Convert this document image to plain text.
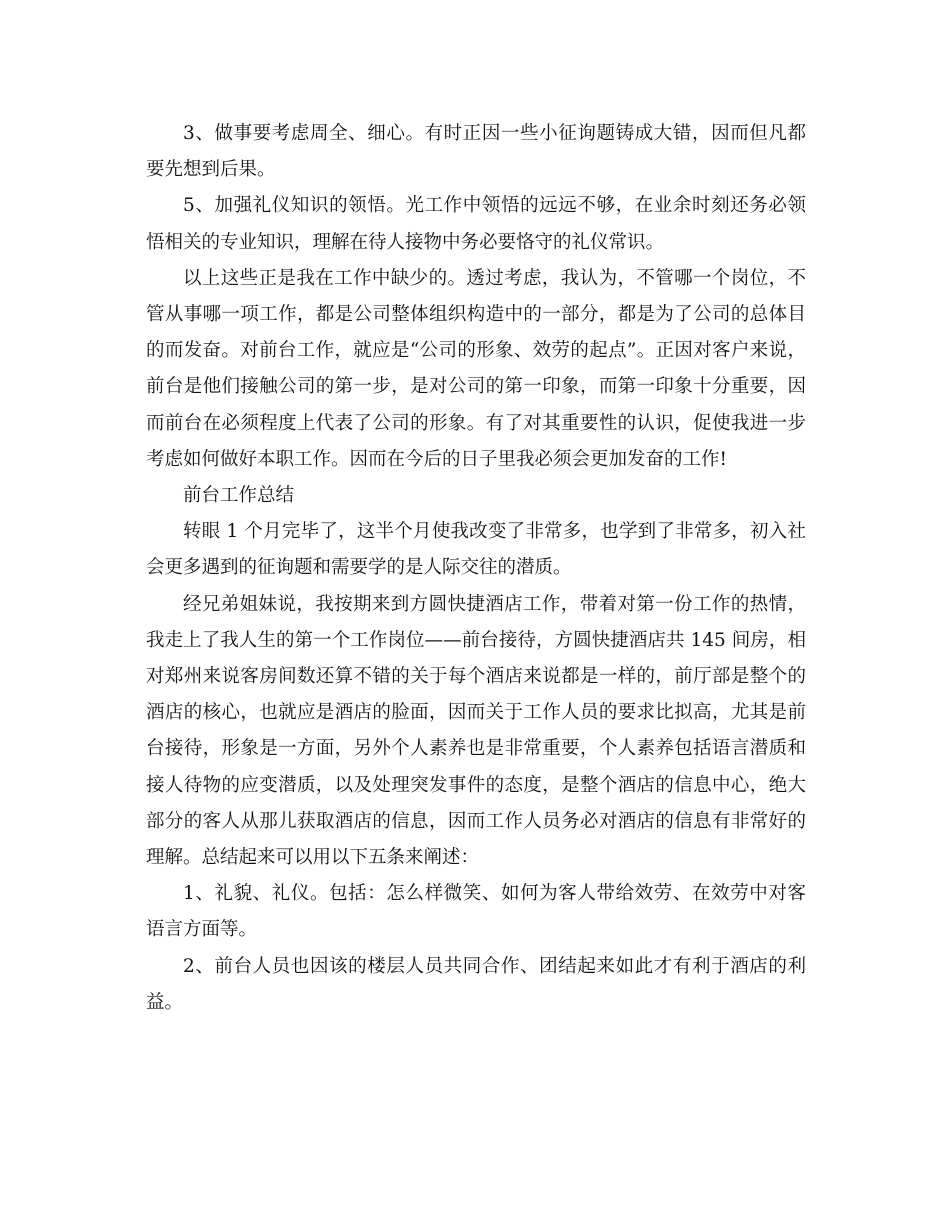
3、做事要考虑周全、细心。有时正因一些小征询题铸成大错，因而但凡都
要先想到后果。

5、加强礼仪知识的领悟。光工作中领悟的远远不够，在业余时刻还务必领
悟相关的专业知识，理解在待人接物中务必要恪守的礼仪常识。

以上这些正是我在工作中缺少的。透过考虑，我认为，不管哪一个岗位，不
管从事哪一项工作，都是公司整体组织构造中的一部分，都是为了公司的总体目
的而发奋。对前台工作，就应是“公司的形象、效劳的起点”。正因对客户来说，
前台是他们接触公司的第一步，是对公司的第一印象，而第一印象十分重要，因
而前台在必须程度上代表了公司的形象。有了对其重要性的认识，促使我进一步
考虑如何做好本职工作。因而在今后的日子里我必须会更加发奋的工作!

前台工作总结

转眼 1 个月完毕了，这半个月使我改变了非常多，也学到了非常多，初入社
会更多遇到的征询题和需要学的是人际交往的潜质。

经兄弟姐妹说，我按期来到方圆快捷酒店工作，带着对第一份工作的热情，
我走上了我人生的第一个工作岗位——前台接待，方圆快捷酒店共 145 间房，相
对郑州来说客房间数还算不错的关于每个酒店来说都是一样的，前厅部是整个的
酒店的核心，也就应是酒店的脸面，因而关于工作人员的要求比拟高，尤其是前
台接待，形象是一方面，另外个人素养也是非常重要，个人素养包括语言潜质和
接人待物的应变潜质，以及处理突发事件的态度，是整个酒店的信息中心，绝大
部分的客人从那儿获取酒店的信息，因而工作人员务必对酒店的信息有非常好的
理解。总结起来可以用以下五条来阐述：

1、礼貌、礼仪。包括：怎么样微笑、如何为客人带给效劳、在效劳中对客
语言方面等。

2、前台人员也因该的楼层人员共同合作、团结起来如此才有利于酒店的利
益。
